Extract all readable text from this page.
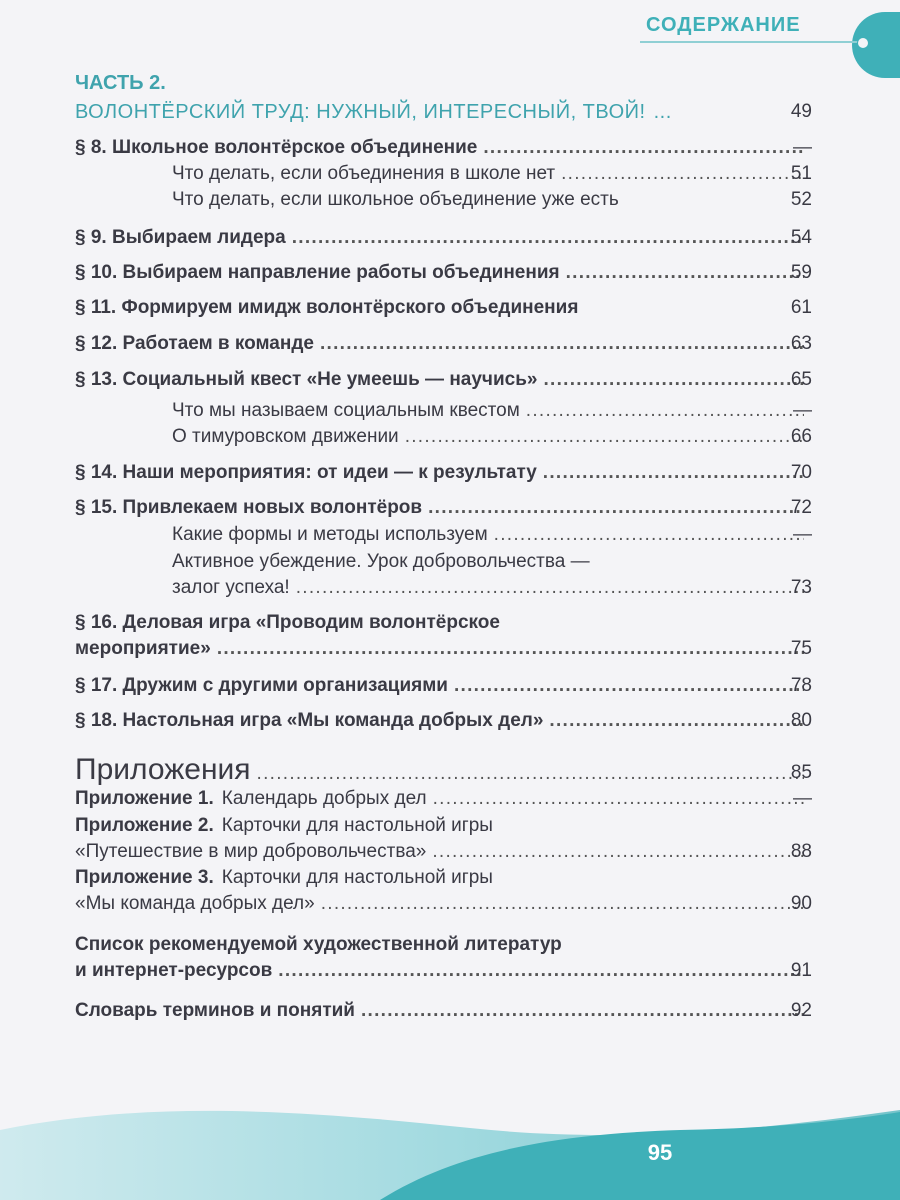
СОДЕРЖАНИЕ
ЧАСТЬ 2.
ВОЛОНТЁРСКИЙ ТРУД: НУЖНЫЙ, ИНТЕРЕСНЫЙ, ТВОЙ! ...	49
§ 8. Школьное волонтёрское объединение . . .	—
Что делать, если объединения в школе нет . . .	51
Что делать, если школьное объединение уже есть	52
§ 9. Выбираем лидера . . .	54
§ 10. Выбираем направление работы объединения . . .	59
§ 11. Формируем имидж волонтёрского объединения	61
§ 12. Работаем в команде . . .	63
§ 13. Социальный квест «Не умеешь — научись» . . .	65
Что мы называем социальным квестом . . .	—
О тимуровском движении . . .	66
§ 14. Наши мероприятия: от идеи — к результату . . .	70
§ 15. Привлекаем новых волонтёров . . .	72
Какие формы и методы используем . . .	—
Активное убеждение. Урок добровольчества —
залог успеха! . . .	73
§ 16. Деловая игра «Проводим волонтёрское
мероприятие» . . .	75
§ 17. Дружим с другими организациями . . .	78
§ 18. Настольная игра «Мы команда добрых дел» . . .	80
Приложения . . .	85
Приложение 1. Календарь добрых дел . . .	—
Приложение 2. Карточки для настольной игры
«Путешествие в мир добровольчества» . . .	88
Приложение 3. Карточки для настольной игры
«Мы команда добрых дел» . . .	90
Список рекомендуемой художественной литератур
и интернет-ресурсов . . .	91
Словарь терминов и понятий . . .	92
95
